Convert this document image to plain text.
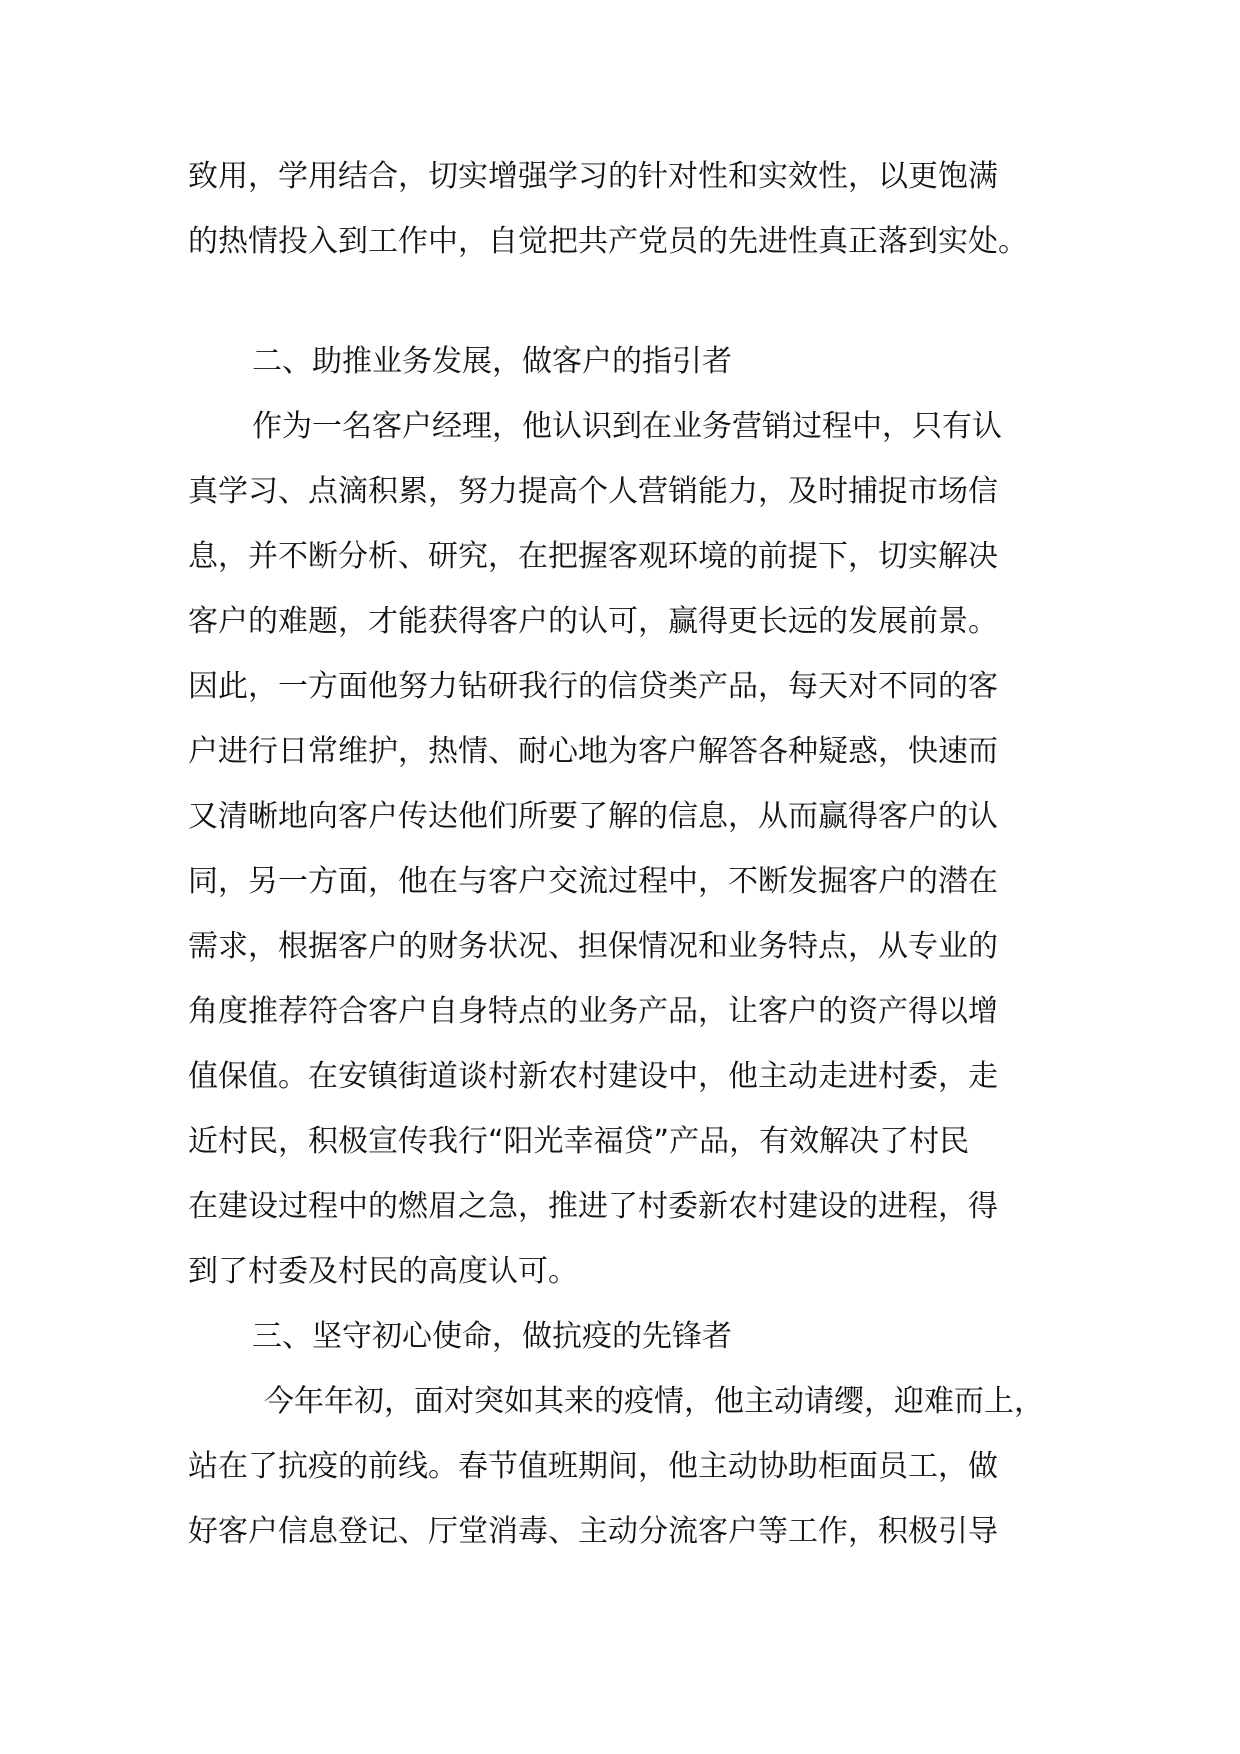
致用，学用结合，切实增强学习的针对性和实效性，以更饱满
的热情投入到工作中，自觉把共产党员的先进性真正落到实处。
二、助推业务发展，做客户的指引者
作为一名客户经理，他认识到在业务营销过程中，只有认
真学习、点滴积累，努力提高个人营销能力，及时捕捉市场信
息，并不断分析、研究，在把握客观环境的前提下，切实解决
客户的难题，才能获得客户的认可，赢得更长远的发展前景。
因此，一方面他努力钻研我行的信贷类产品，每天对不同的客
户进行日常维护，热情、耐心地为客户解答各种疑惑，快速而
又清晰地向客户传达他们所要了解的信息，从而赢得客户的认
同，另一方面，他在与客户交流过程中，不断发掘客户的潜在
需求，根据客户的财务状况、担保情况和业务特点，从专业的
角度推荐符合客户自身特点的业务产品，让客户的资产得以增
值保值。在安镇街道谈村新农村建设中，他主动走进村委，走
近村民，积极宣传我行“阳光幸福贷”产品，有效解决了村民
在建设过程中的燃眉之急，推进了村委新农村建设的进程，得
到了村委及村民的高度认可。
三、坚守初心使命，做抗疫的先锋者
今年年初，面对突如其来的疫情，他主动请缨，迎难而上，
站在了抗疫的前线。春节值班期间，他主动协助柜面员工，做
好客户信息登记、厅堂消毒、主动分流客户等工作，积极引导
